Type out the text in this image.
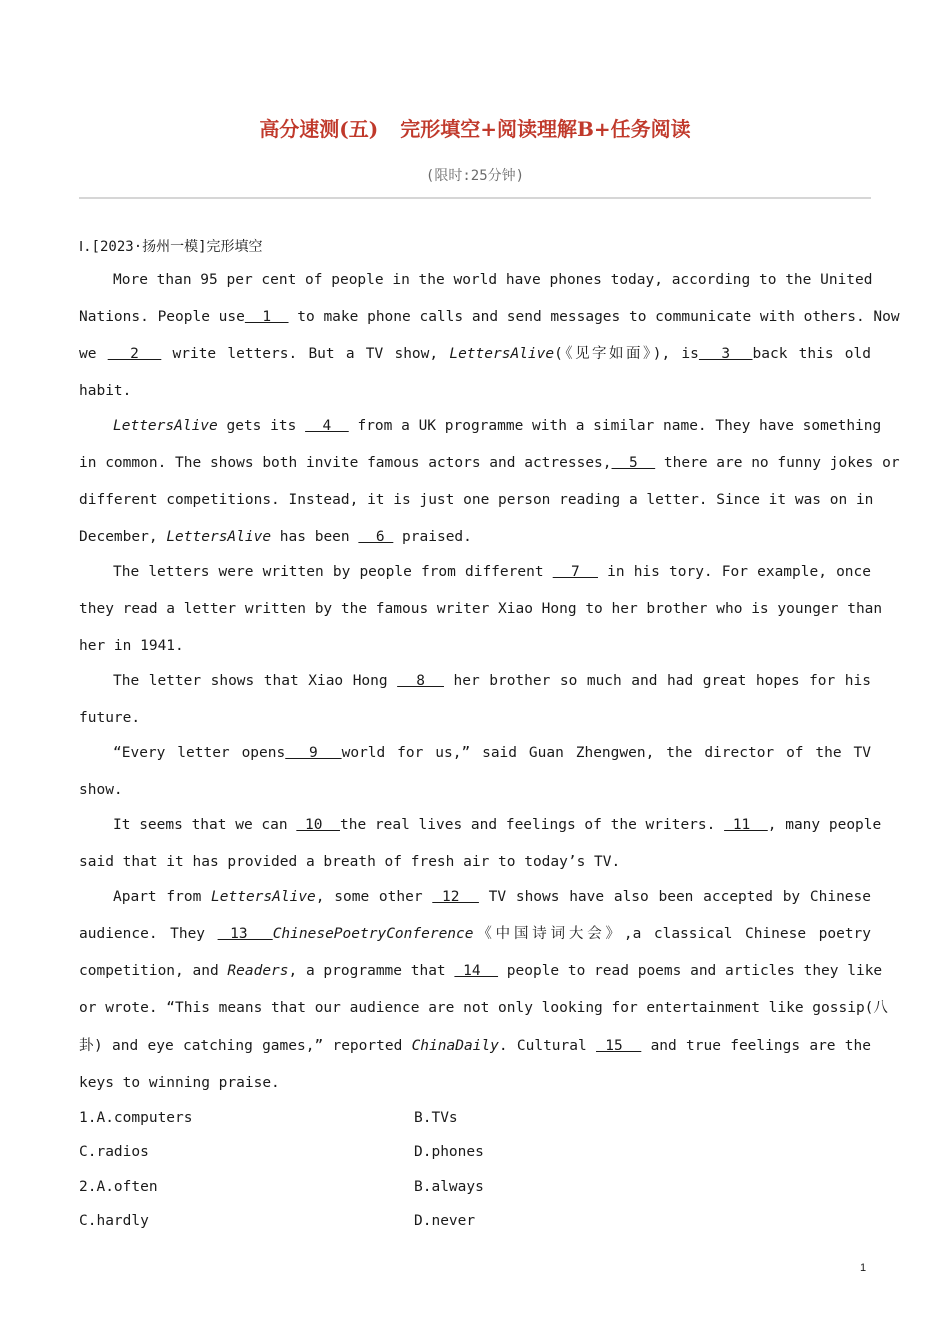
高分速测(五) 完形填空+阅读理解B+任务阅读
(限时:25分钟)
Ⅰ.[2023·扬州一模]完形填空
More than 95 per cent of people in the world have phones today, according to the United
Nations. People use  1   to make phone calls and send messages to communicate with others. Now
we   2   write letters. But a TV show, LettersAlive(《见字如面》), is  3  back this old
habit.
LettersAlive gets its   4   from a UK programme with a similar name. They have something
in common. The shows both invite famous actors and actresses,  5   there are no funny jokes or
different competitions. Instead, it is just one person reading a letter. Since it was on in
December, LettersAlive has been   6  praised.
The letters were written by people from different   7   in his tory. For example, once
they read a letter written by the famous writer Xiao Hong to her brother who is younger than
her in 1941.
The letter shows that Xiao Hong   8   her brother so much and had great hopes for his
future.
“Every letter opens  9  world for us,” said Guan Zhengwen, the director of the TV
show.
It seems that we can  10  the real lives and feelings of the writers.  11  , many people
said that it has provided a breath of fresh air to today’s TV.
Apart from LettersAlive, some other  12   TV shows have also been accepted by Chinese
audience. They  13  ChinesePoetryConference《中国诗词大会》,a classical Chinese poetry
competition, and Readers, a programme that  14   people to read poems and articles they like
or wrote. “This means that our audience are not only looking for entertainment like gossip(八
卦) and eye catching games,” reported ChinaDaily. Cultural  15   and true feelings are the
keys to winning praise.
1.A.computers	B.TVs
C.radios	D.phones
2.A.often	B.always
C.hardly	D.never
1
